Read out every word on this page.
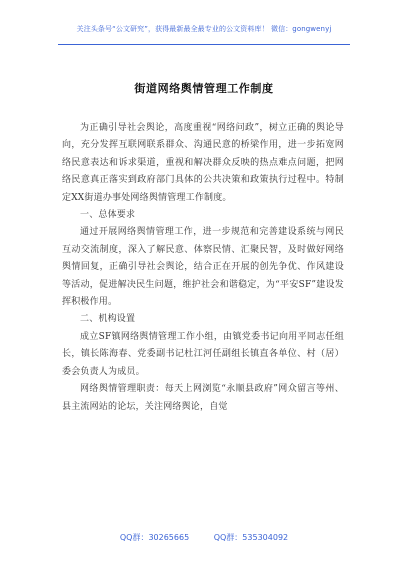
关注头条号“公文研究”，获得最新最全最专业的公文资料库！ 微信：gongwenyj
街道网络舆情管理工作制度

为正确引导社会舆论，高度重视“网络问政”，树立正确的舆论导向，充分发挥互联网联系群众、沟通民意的桥梁作用，进一步拓宽网络民意表达和诉求渠道，重视和解决群众反映的热点难点问题，把网络民意真正落实到政府部门具体的公共决策和政策执行过程中。特制定XX街道办事处网络舆情管理工作制度。

一、总体要求

通过开展网络舆情管理工作，进一步规范和完善建设系统与网民互动交流制度，深入了解民意、体察民情、汇聚民智，及时做好网络舆情回复，正确引导社会舆论，结合正在开展的创先争优、作风建设等活动，促进解决民生问题，维护社会和谐稳定，为“平安SF”建设发挥积极作用。

二、机构设置

成立SF镇网络舆情管理工作小组，由镇党委书记向用平同志任组长，镇长陈海春、党委副书记杜江河任副组长镇直各单位、村（居）委会负责人为成员。

网络舆情管理职责：每天上网浏览“永顺县政府”网众留言等州、县主流网站的论坛，关注网络舆论，自觉

QQ群：30265665	QQ群：535304092
